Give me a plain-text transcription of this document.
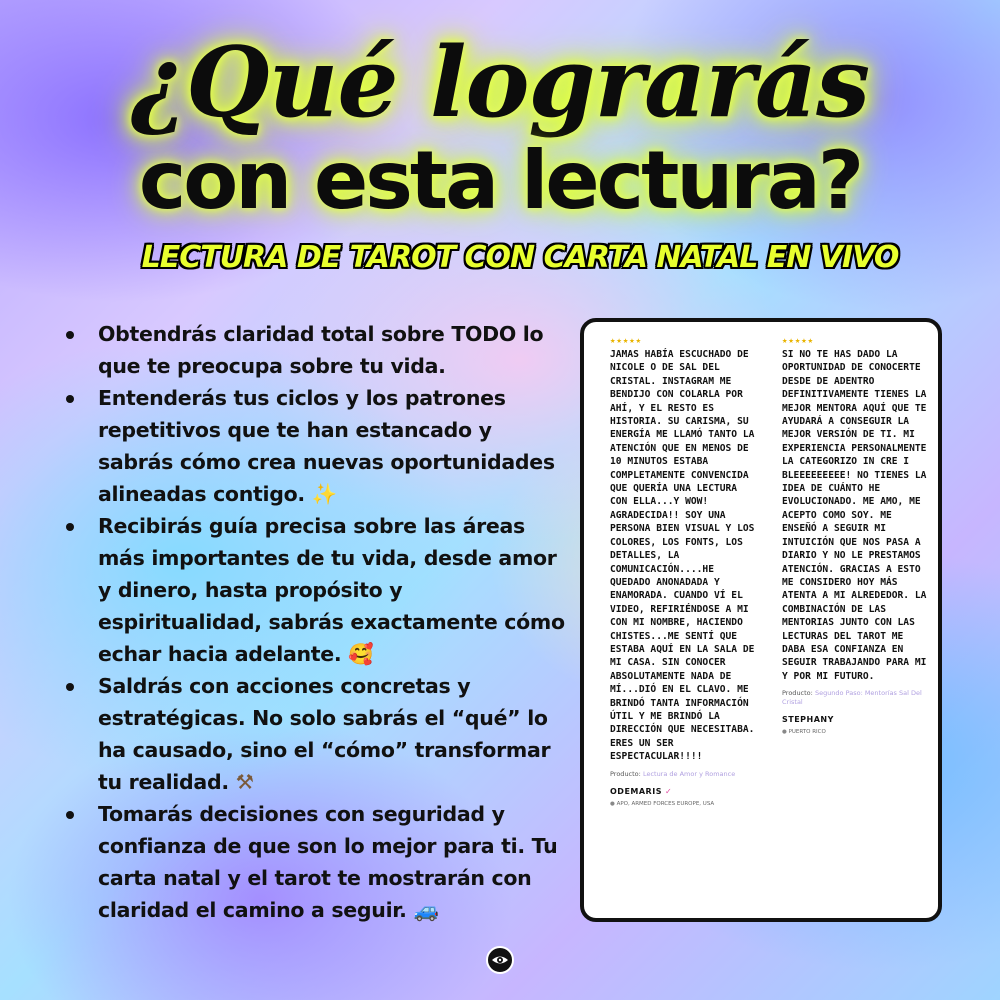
¿Qué lograrás
con esta lectura?
LECTURA DE TAROT CON CARTA NATAL EN VIVO
Obtendrás claridad total sobre TODO lo que te preocupa sobre tu vida.
Entenderás tus ciclos y los patrones repetitivos que te han estancado y sabrás cómo crea nuevas oportunidades alineadas contigo. ✨
Recibirás guía precisa sobre las áreas más importantes de tu vida, desde amor y dinero, hasta propósito y espiritualidad, sabrás exactamente cómo echar hacia adelante. 🥰
Saldrás con acciones concretas y estratégicas. No solo sabrás el “qué” lo ha causado, sino el “cómo” transformar tu realidad. ⚒
Tomarás decisiones con seguridad y confianza de que son lo mejor para ti. Tu carta natal y el tarot te mostrarán con claridad el camino a seguir. 🚙
★★★★★
JAMAS HABÍA ESCUCHADO DE NICOLE O DE SAL DEL CRISTAL. INSTAGRAM ME BENDIJO CON COLARLA POR AHÍ, Y EL RESTO ES HISTORIA. SU CARISMA, SU ENERGÍA ME LLAMÓ TANTO LA ATENCIÓN QUE EN MENOS DE 10 MINUTOS ESTABA COMPLETAMENTE CONVENCIDA QUE QUERÍA UNA LECTURA CON ELLA...Y WOW! AGRADECIDA!! SOY UNA PERSONA BIEN VISUAL Y LOS COLORES, LOS FONTS, LOS DETALLES, LA COMUNICACIÓN....HE QUEDADO ANONADADA Y ENAMORADA. CUANDO VÍ EL VIDEO, REFIRIÉNDOSE A MI CON MI NOMBRE, HACIENDO CHISTES...ME SENTÍ QUE ESTABA AQUÍ EN LA SALA DE MI CASA. SIN CONOCER ABSOLUTAMENTE NADA DE MÍ...DIÓ EN EL CLAVO. ME BRINDÓ TANTA INFORMACIÓN ÚTIL Y ME BRINDÓ LA DIRECCIÓN QUE NECESITABA. ERES UN SER ESPECTACULAR!!!!
Producto: Lectura de Amor y Romance
ODEMARIS ✓
● APO, ARMED FORCES EUROPE, USA
★★★★★
SI NO TE HAS DADO LA OPORTUNIDAD DE CONOCERTE DESDE DE ADENTRO DEFINITIVAMENTE TIENES LA MEJOR MENTORA AQUÍ QUE TE AYUDARÁ A CONSEGUIR LA MEJOR VERSIÓN DE TI. MI EXPERIENCIA PERSONALMENTE LA CATEGORIZO IN CRE I BLEEEEEEEEE! NO TIENES LA IDEA DE CUÁNTO HE EVOLUCIONADO. ME AMO, ME ACEPTO COMO SOY. ME ENSEÑÓ A SEGUIR MI INTUICIÓN QUE NOS PASA A DIARIO Y NO LE PRESTAMOS ATENCIÓN. GRACIAS A ESTO ME CONSIDERO HOY MÁS ATENTA A MI ALREDEDOR. LA COMBINACIÓN DE LAS MENTORIAS JUNTO CON LAS LECTURAS DEL TAROT ME DABA ESA CONFIANZA EN SEGUIR TRABAJANDO PARA MI Y POR MI FUTURO.
Producto: Segundo Paso: Mentorías Sal Del Cristal
STEPHANY
● PUERTO RICO
